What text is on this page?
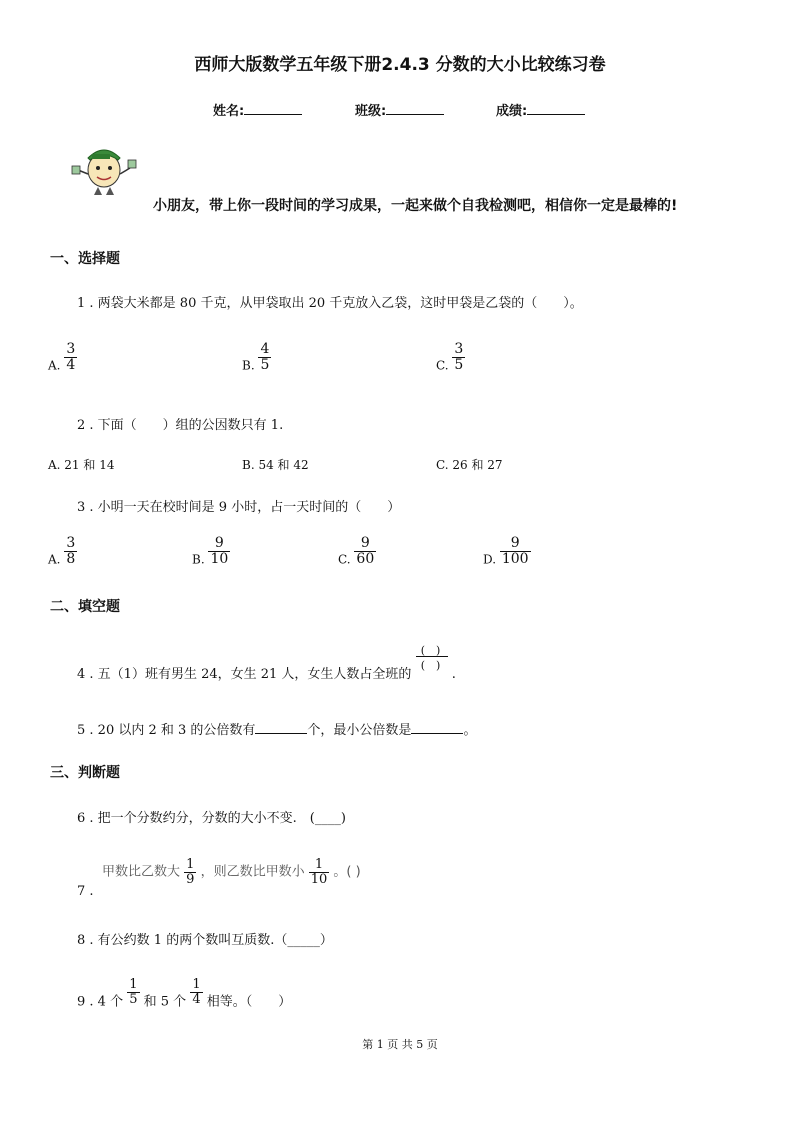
西师大版数学五年级下册2.4.3 分数的大小比较练习卷
姓名:	班级:	成绩:
小朋友，带上你一段时间的学习成果，一起来做个自我检测吧，相信你一定是最棒的!
一、选择题
1 . 两袋大米都是 80 千克，从甲袋取出 20 千克放入乙袋，这时甲袋是乙袋的（　　）。
A. $\frac{3}{4}$	B. $\frac{4}{5}$	C. $\frac{3}{5}$
2 . 下面（　　）组的公因数只有 1.
A. 21 和 14	B. 54 和 42	C. 26 和 27
3 . 小明一天在校时间是 9 小时，占一天时间的（　　）
A. $\frac{3}{8}$	B. $\frac{9}{10}$	C. $\frac{9}{60}$	D. $\frac{9}{100}$
二、填空题
4 . 五（1）班有男生 24，女生 21 人，女生人数占全班的
(　)
(　)
.
5 . 20 以内 2 和 3 的公倍数有	个，最小公倍数是	。
三、判断题
6 . 把一个分数约分，分数的大小不变.　(____)
甲数比乙数大 $\frac{1}{9}$ ，则乙数比甲数小 $\frac{1}{10}$ 。( )
7 .
8 . 有公约数 1 的两个数叫互质数.（_____）
9 . 4 个 $\frac{1}{5}$ 和 5 个 $\frac{1}{4}$ 相等。（　　）
第 1 页 共 5 页
